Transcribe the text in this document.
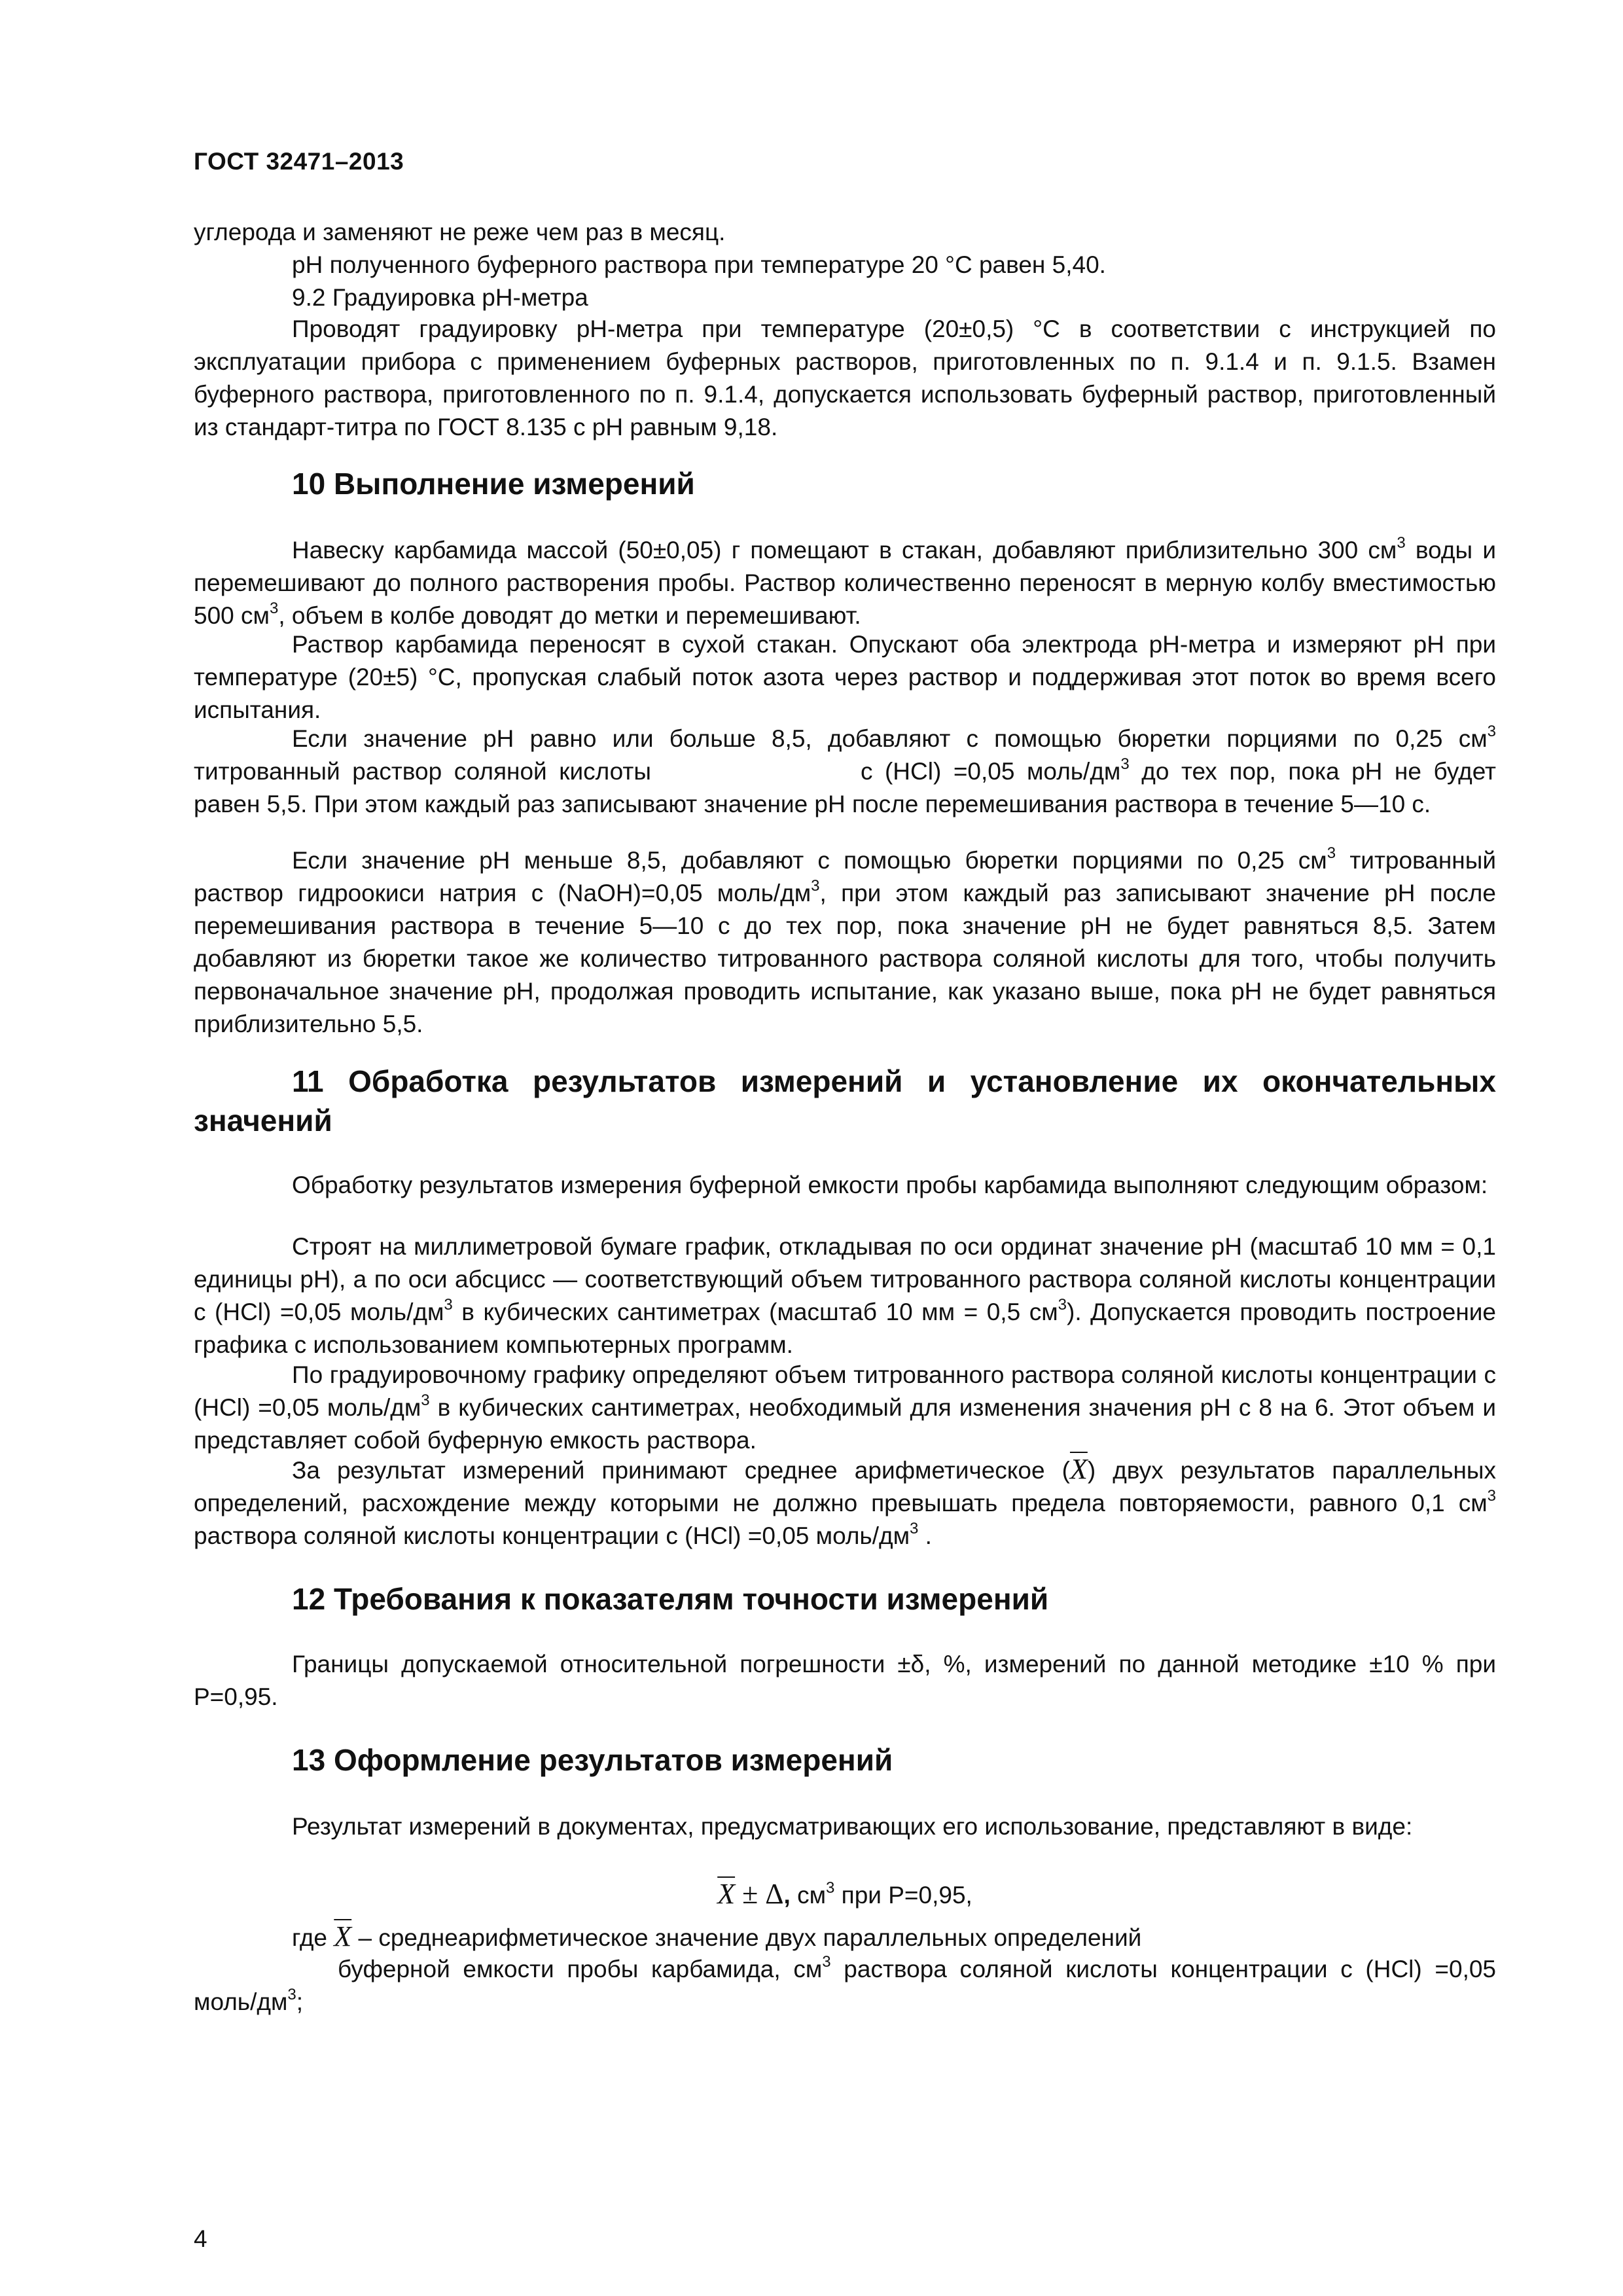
ГОСТ 32471–2013
углерода и заменяют не реже чем раз в месяц.
pH полученного буферного раствора при температуре 20 °С равен 5,40.
9.2 Градуировка pH-метра
Проводят градуировку pH-метра при температуре (20±0,5) °С в соответствии с инструкцией по эксплуатации прибора с применением буферных растворов, приготовленных по п. 9.1.4 и п. 9.1.5. Взамен буферного раствора, приготовленного по п. 9.1.4, допускается использовать буферный раствор, приготовленный из стандарт-титра по ГОСТ 8.135 с pH равным 9,18.
10 Выполнение измерений
Навеску карбамида массой (50±0,05) г помещают в стакан, добавляют приблизительно 300 $см^3$ воды и перемешивают до полного растворения пробы. Раствор количественно переносят в мерную колбу вместимостью 500 $см^3$, объем в колбе доводят до метки и перемешивают.
Раствор карбамида переносят в сухой стакан. Опускают оба электрода pH-метра и измеряют pH при температуре (20±5) °С, пропуская слабый поток азота через раствор и поддерживая этот поток во время всего испытания.
Если значение pH равно или больше 8,5, добавляют с помощью бюретки порциями по 0,25 $см^3$ титрованный раствор соляной кислоты	с (HCl) =0,05 моль/$дм^3$ до тех пор, пока pH не будет равен 5,5. При этом каждый раз записывают значение pH после перемешивания раствора в течение 5—10 с.
Если значение pH меньше 8,5, добавляют с помощью бюретки порциями по 0,25 $см^3$ титрованный раствор гидроокиси натрия с (NaOH)=0,05 моль/$дм^3$, при этом каждый раз записывают значение pH после перемешивания раствора в течение 5—10 с до тех пор, пока значение pH не будет равняться 8,5. Затем добавляют из бюретки такое же количество титрованного раствора соляной кислоты для того, чтобы получить первоначальное значение pH, продолжая проводить испытание, как указано выше, пока pH не будет равняться приблизительно 5,5.
11 Обработка результатов измерений и установление их окончательных
значений
Обработку результатов измерения буферной емкости пробы карбамида выполняют следующим образом:
Строят на миллиметровой бумаге график, откладывая по оси ординат значение pH (масштаб 10 мм = 0,1 единицы pH), а по оси абсцисс — соответствующий объем титрованного раствора соляной кислоты концентрации с (HCl) =0,05 моль/$дм^3$ в кубических сантиметрах (масштаб 10 мм = 0,5 $см^3$). Допускается проводить построение графика с использованием компьютерных программ.
По градуировочному графику определяют объем титрованного раствора соляной кислоты концентрации с (HCl) =0,05 моль/$дм^3$ в кубических сантиметрах, необходимый для изменения значения pH с 8 на 6. Этот объем и представляет собой буферную емкость раствора.
За результат измерений принимают среднее арифметическое $(\overline{X})$ двух результатов параллельных определений, расхождение между которыми не должно превышать предела повторяемости, равного 0,1 $см^3$ раствора соляной кислоты концентрации с (HCl) =0,05 моль/$дм^3$ .
12 Требования к показателям точности измерений
Границы допускаемой относительной погрешности ±δ, %, измерений по данной методике ±10 % при Р=0,95.
13 Оформление результатов измерений
Результат измерений в документах, предусматривающих его использование, представляют в виде:
$\overline{X} \pm \Delta$, $см^3$ при Р=0,95,
где $\overline{X}$ – среднеарифметическое значение двух параллельных определений
буферной емкости пробы карбамида, $см^3$ раствора соляной кислоты концентрации с (HCl) =0,05 моль/$дм^3$;
4
